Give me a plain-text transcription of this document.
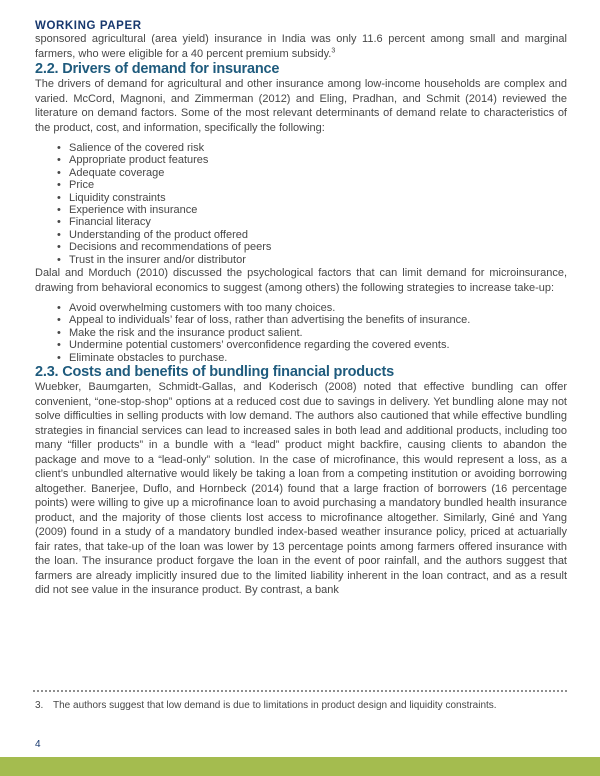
WORKING PAPER

sponsored agricultural (area yield) insurance in India was only 11.6 percent among small and marginal farmers, who were eligible for a 40 percent premium subsidy.$^3$

2.2. Drivers of demand for insurance

The drivers of demand for agricultural and other insurance among low-income households are complex and varied. McCord, Magnoni, and Zimmerman (2012) and Eling, Pradhan, and Schmit (2014) reviewed the literature on demand factors. Some of the most relevant determinants of demand relate to characteristics of the product, cost, and information, specifically the following:

• Salience of the covered risk
• Appropriate product features
• Adequate coverage
• Price
• Liquidity constraints
• Experience with insurance
• Financial literacy
• Understanding of the product offered
• Decisions and recommendations of peers
• Trust in the insurer and/or distributor

Dalal and Morduch (2010) discussed the psychological factors that can limit demand for microinsurance, drawing from behavioral economics to suggest (among others) the following strategies to increase take-up:

• Avoid overwhelming customers with too many choices.
• Appeal to individuals’ fear of loss, rather than advertising the benefits of insurance.
• Make the risk and the insurance product salient.
• Undermine potential customers’ overconfidence regarding the covered events.
• Eliminate obstacles to purchase.
2.3. Costs and benefits of bundling financial products

Wuebker, Baumgarten, Schmidt-Gallas, and Koderisch (2008) noted that effective bundling can offer convenient, “one-stop-shop” options at a reduced cost due to savings in delivery. Yet bundling alone may not solve difficulties in selling products with low demand. The authors also cautioned that while effective bundling strategies in financial services can lead to increased sales in both lead and additional products, including too many “filler products” in a bundle with a “lead” product might backfire, causing clients to abandon the package and move to a “lead-only” solution. In the case of microfinance, this would represent a loss, as a client’s unbundled alternative would likely be taking a loan from a competing institution or avoiding borrowing altogether. Banerjee, Duflo, and Hornbeck (2014) found that a large fraction of borrowers (16 percentage points) were willing to give up a microfinance loan to avoid purchasing a mandatory bundled health insurance product, and the majority of those clients lost access to microfinance altogether. Similarly, Giné and Yang (2009) found in a study of a mandatory bundled index-based weather insurance policy, priced at actuarially fair rates, that take-up of the loan was lower by 13 percentage points among farmers offered insurance with the loan. The insurance product forgave the loan in the event of poor rainfall, and the authors suggest that farmers are already implicitly insured due to the limited liability inherent in the loan contract, and as a result did not see value in the insurance product. By contrast, a bank

3. The authors suggest that low demand is due to limitations in product design and liquidity constraints.
4
